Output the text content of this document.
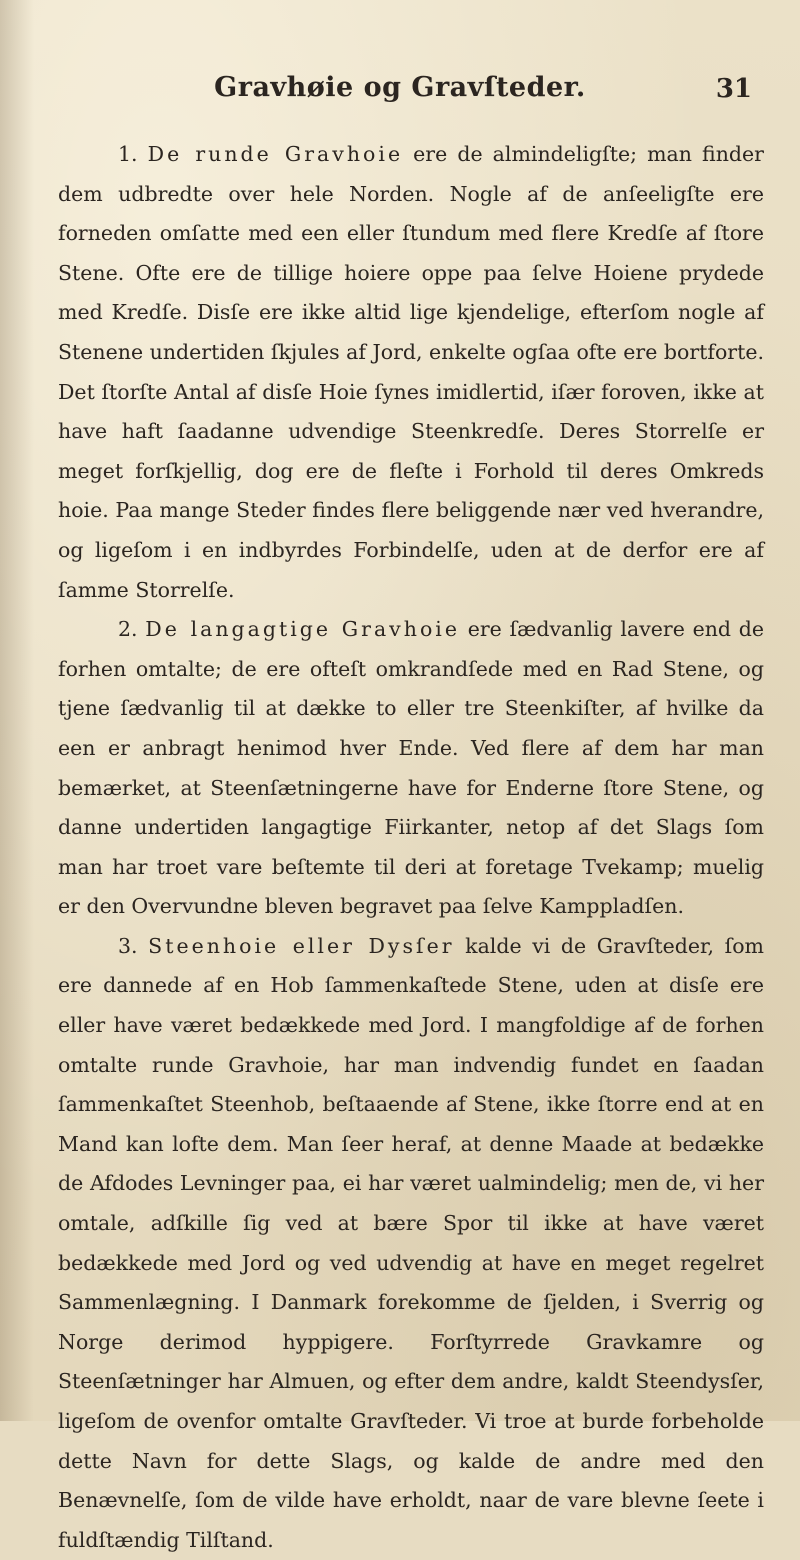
Gravhøie og Gravſteder.	31

1. De runde Gravhoie ere de almindeligſte; man finder dem udbredte over hele Norden. Nogle af de anſeeligſte ere forneden omſatte med een eller ſtundum med flere Kredſe af ſtore Stene. Ofte ere de tillige hoiere oppe paa ſelve Hoiene prydede med Kredſe. Disſe ere ikke altid lige kjendelige, efterſom nogle af Stenene undertiden ſkjules af Jord, enkelte ogſaa ofte ere bortforte. Det ſtorſte Antal af disſe Hoie ſynes imidlertid, iſær foroven, ikke at have haft ſaadanne udvendige Steenkredſe. Deres Storrelſe er meget forſkjellig, dog ere de fleſte i Forhold til deres Omkreds hoie. Paa mange Steder findes flere beliggende nær ved hverandre, og ligeſom i en indbyrdes Forbindelſe, uden at de derfor ere af ſamme Storrelſe.

2. De langagtige Gravhoie ere ſædvanlig lavere end de forhen omtalte; de ere ofteſt omkrandſede med en Rad Stene, og tjene ſædvanlig til at dække to eller tre Steenkiſter, af hvilke da een er anbragt henimod hver Ende. Ved flere af dem har man bemærket, at Steenſætningerne have for Enderne ſtore Stene, og danne undertiden langagtige Fiirkanter, netop af det Slags ſom man har troet vare beſtemte til deri at foretage Tvekamp; muelig er den Overvundne bleven begravet paa ſelve Kamppladſen.

3. Steenhoie eller Dysſer kalde vi de Gravſteder, ſom ere dannede af en Hob ſammenkaſtede Stene, uden at disſe ere eller have været bedækkede med Jord. I mangfoldige af de forhen omtalte runde Gravhoie, har man indvendig fundet en ſaadan ſammenkaſtet Steenhob, beſtaaende af Stene, ikke ſtorre end at en Mand kan lofte dem. Man ſeer heraf, at denne Maade at bedække de Afdodes Levninger paa, ei har været ualmindelig; men de, vi her omtale, adſkille ſig ved at bære Spor til ikke at have været bedækkede med Jord og ved udvendig at have en meget regelret Sammenlægning. I Danmark forekomme de ſjelden, i Sverrig og Norge derimod hyppigere. Forſtyrrede Gravkamre og Steenſætninger har Almuen, og efter dem andre, kaldt Steendysſer, ligeſom de ovenfor omtalte Gravſteder. Vi troe at burde forbeholde dette Navn for dette Slags, og kalde de andre med den Benævnelſe, ſom de vilde have erholdt, naar de vare blevne ſeete i fuldſtændig Tilſtand.
